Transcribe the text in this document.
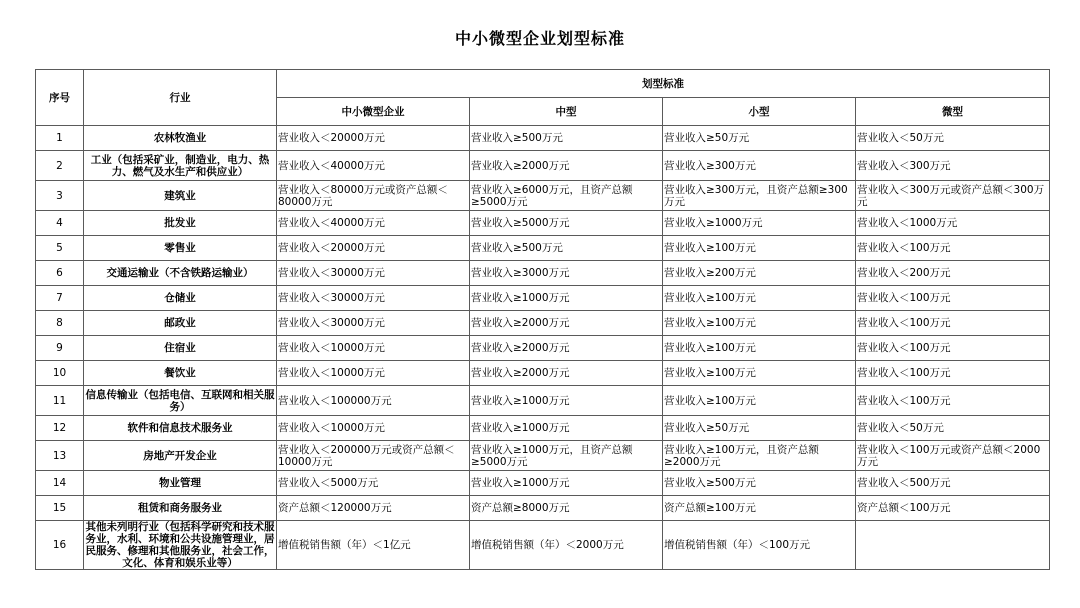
中小微型企业划型标准
序号	行业	划型标准			
		中小微型企业	中型	小型	微型
1	农林牧渔业	营业收入＜20000万元	营业收入≥500万元	营业收入≥50万元	营业收入＜50万元
2	工业（包括采矿业，制造业，电力、热力、燃气及水生产和供应业）	营业收入＜40000万元	营业收入≥2000万元	营业收入≥300万元	营业收入＜300万元
3	建筑业	营业收入＜80000万元或资产总额＜80000万元	营业收入≥6000万元，且资产总额≥5000万元	营业收入≥300万元，且资产总额≥300万元	营业收入＜300万元或资产总额＜300万元
4	批发业	营业收入＜40000万元	营业收入≥5000万元	营业收入≥1000万元	营业收入＜1000万元
5	零售业	营业收入＜20000万元	营业收入≥500万元	营业收入≥100万元	营业收入＜100万元
6	交通运输业（不含铁路运输业）	营业收入＜30000万元	营业收入≥3000万元	营业收入≥200万元	营业收入＜200万元
7	仓储业	营业收入＜30000万元	营业收入≥1000万元	营业收入≥100万元	营业收入＜100万元
8	邮政业	营业收入＜30000万元	营业收入≥2000万元	营业收入≥100万元	营业收入＜100万元
9	住宿业	营业收入＜10000万元	营业收入≥2000万元	营业收入≥100万元	营业收入＜100万元
10	餐饮业	营业收入＜10000万元	营业收入≥2000万元	营业收入≥100万元	营业收入＜100万元
11	信息传输业（包括电信、互联网和相关服务）	营业收入＜100000万元	营业收入≥1000万元	营业收入≥100万元	营业收入＜100万元
12	软件和信息技术服务业	营业收入＜10000万元	营业收入≥1000万元	营业收入≥50万元	营业收入＜50万元
13	房地产开发企业	营业收入＜200000万元或资产总额＜10000万元	营业收入≥1000万元，且资产总额≥5000万元	营业收入≥100万元，且资产总额≥2000万元	营业收入＜100万元或资产总额＜2000万元
14	物业管理	营业收入＜5000万元	营业收入≥1000万元	营业收入≥500万元	营业收入＜500万元
15	租赁和商务服务业	资产总额＜120000万元	资产总额≥8000万元	资产总额≥100万元	资产总额＜100万元
16	其他未列明行业（包括科学研究和技术服务业，水利、环境和公共设施管理业，居民服务、修理和其他服务业，社会工作，文化、体育和娱乐业等）	增值税销售额（年）＜1亿元	增值税销售额（年）＜2000万元	增值税销售额（年）＜100万元	
